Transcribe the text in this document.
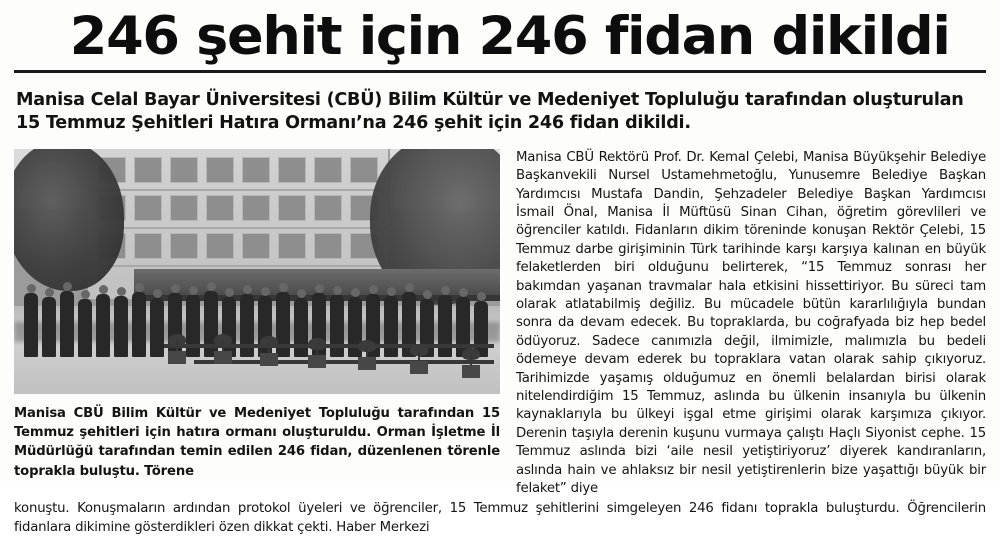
246 şehit için 246 fidan dikildi
Manisa Celal Bayar Üniversitesi (CBÜ) Bilim Kültür ve Medeniyet Topluluğu tarafından oluşturulan 15 Temmuz Şehitleri Hatıra Ormanı’na 246 şehit için 246 fidan dikildi.
Manisa CBÜ Bilim Kültür ve Medeniyet Topluluğu tarafından 15 Temmuz şehitleri için hatıra ormanı oluşturuldu. Orman İşletme İl Müdürlüğü tarafından temin edilen 246 fidan, düzenlenen törenle toprakla buluştu. Törene

Manisa CBÜ Rektörü Prof. Dr. Kemal Çelebi, Manisa Büyükşehir Belediye Başkanvekili Nursel Ustamehmetoğlu, Yunusemre Belediye Başkan Yardımcısı Mustafa Dandin, Şehzadeler Belediye Başkan Yardımcısı İsmail Önal, Manisa İl Müftüsü Sinan Cihan, öğretim görevlileri ve öğrenciler katıldı. Fidanların dikim töreninde konuşan Rektör Çelebi, 15 Temmuz darbe girişiminin Türk tarihinde karşı karşıya kalınan en büyük felaketlerden biri olduğunu belirterek, “15 Temmuz sonrası her bakımdan yaşanan travmalar hala etkisini hissettiriyor. Bu süreci tam olarak atlatabilmiş değiliz. Bu mücadele bütün kararlılığıyla bundan sonra da devam edecek. Bu topraklarda, bu coğrafyada biz hep bedel ödüyoruz. Sadece canımızla değil, ilmimizle, malımızla bu bedeli ödemeye devam ederek bu topraklara vatan olarak sahip çıkıyoruz. Tarihimizde yaşamış olduğumuz en önemli belalardan birisi olarak nitelendirdiğim 15 Temmuz, aslında bu ülkenin insanıyla bu ülkenin kaynaklarıyla bu ülkeyi işgal etme girişimi olarak karşımıza çıkıyor. Derenin taşıyla derenin kuşunu vurmaya çalıştı Haçlı Siyonist cephe. 15 Temmuz aslında bizi ‘aile nesil yetiştiriyoruz’ diyerek kandıranların, aslında hain ve ahlaksız bir nesil yetiştirenlerin bize yaşattığı büyük bir felaket” diye

konuştu. Konuşmaların ardından protokol üyeleri ve öğrenciler, 15 Temmuz şehitlerini simgeleyen 246 fidanı toprakla buluşturdu. Öğrencilerin fidanlara dikimine gösterdikleri özen dikkat çekti. Haber Merkezi
